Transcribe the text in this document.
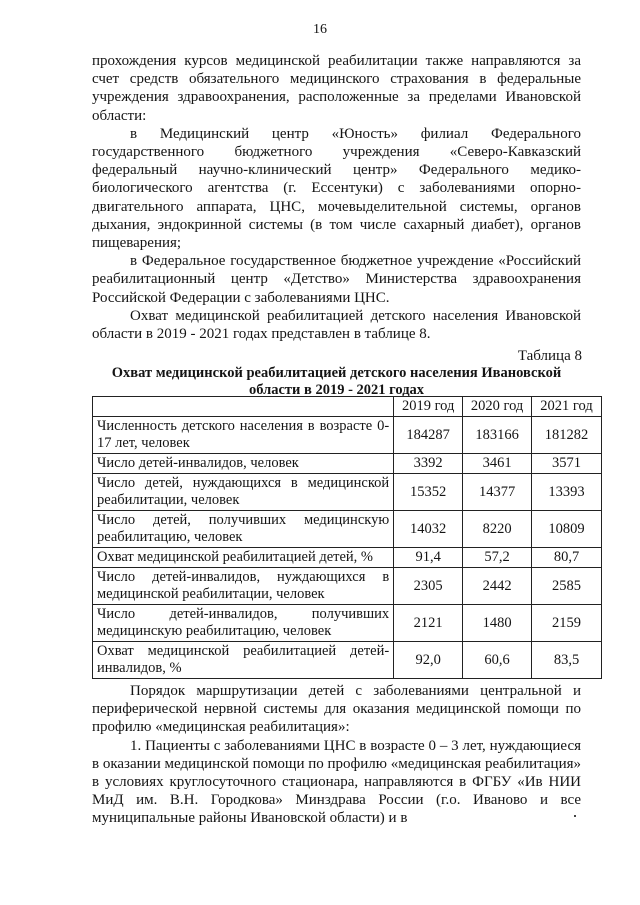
16

прохождения курсов медицинской реабилитации также направляются за счет средств обязательного медицинского страхования в федеральные учреждения здравоохранения, расположенные за пределами Ивановской области:

в Медицинский центр «Юность» филиал Федерального государственного бюджетного учреждения «Северо-Кавказский федеральный научно-клинический центр» Федерального медико-биологического агентства (г. Ессентуки) с заболеваниями опорно-двигательного аппарата, ЦНС, мочевыделительной системы, органов дыхания, эндокринной системы (в том числе сахарный диабет), органов пищеварения;

в Федеральное государственное бюджетное учреждение «Российский реабилитационный центр «Детство» Министерства здравоохранения Российской Федерации с заболеваниями ЦНС.

Охват медицинской реабилитацией детского населения Ивановской области в 2019 - 2021 годах представлен в таблице 8.

Таблица 8
Охват медицинской реабилитацией детского населения Ивановской области в 2019 - 2021 годах
	2019 год	2020 год	2021 год
Численность детского населения в возрасте 0-17 лет, человек	184287	183166	181282
Число детей-инвалидов, человек	3392	3461	3571
Число детей, нуждающихся в медицинской реабилитации, человек	15352	14377	13393
Число детей, получивших медицинскую реабилитацию, человек	14032	8220	10809
Охват медицинской реабилитацией детей, %	91,4	57,2	80,7
Число детей-инвалидов, нуждающихся в медицинской реабилитации, человек	2305	2442	2585
Число детей-инвалидов, получивших медицинскую реабилитацию, человек	2121	1480	2159
Охват медицинской реабилитацией детей-инвалидов, %	92,0	60,6	83,5

Порядок маршрутизации детей с заболеваниями центральной и периферической нервной системы для оказания медицинской помощи по профилю «медицинская реабилитация»:

1. Пациенты с заболеваниями ЦНС в возрасте 0 – 3 лет, нуждающиеся в оказании медицинской помощи по профилю «медицинская реабилитация» в условиях круглосуточного стационара, направляются в ФГБУ «Ив НИИ МиД им. В.Н. Городкова» Минздрава России (г.о. Иваново и все муниципальные районы Ивановской области) и в
